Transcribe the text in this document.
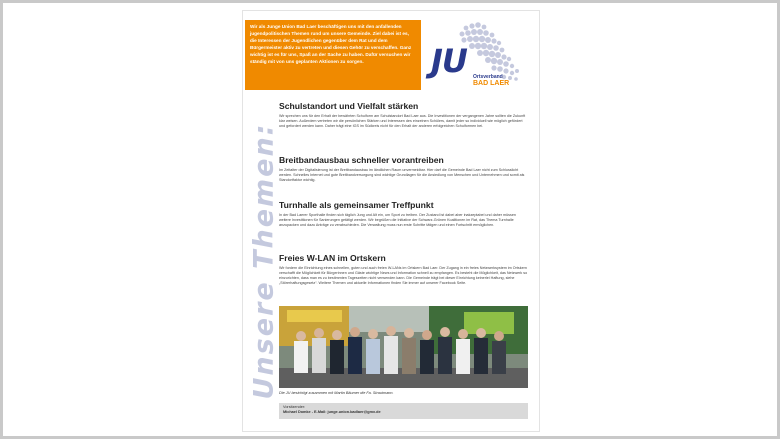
Wir als Junge Union Bad Laer beschäftigen uns mit den anfallenden jugendpolitischen Themen rund um unsere Gemeinde. Ziel dabei ist es, die Interessen der Jugendlichen gegenüber dem Rat und dem Bürgermeister aktiv zu vertreten und diesen Gehör zu verschaffen. Ganz wichtig ist es für uns, Spaß an der Sache zu haben. Dafür versuchen wir ständig mit von uns geplanten Aktionen zu sorgen.	JU Ortsverband
BAD LAER
Unsere Themen:
Schulstandort und Vielfalt stärken
Wir sprechen uns für den Erhalt der bewährten Schulform am Schulstandort Bad Laer aus. Die Investitionen der vergangenen Jahre sollten die Zukunft klar weisen. Außerdem vertreten wir die persönlichen Stärken und Interessen des einzelnen Schülers, damit jeder so individuell wie möglich gefördert und gefordert werden kann. Daher trägt eine IGS im Südkreis nicht für den Erhalt der anderen erfolgreichen Schulformen bei.
Breitbandausbau schneller vorantreiben
Im Zeitalter der Digitalisierung ist der Breitbandausbau im ländlichen Raum unvermeidbar. Hier darf die Gemeinde Bad Laer nicht zum Schlusslicht werden. Schnelles Internet und gute Breitbandversorgung sind wichtige Grundlagen für die Ansiedlung von Menschen und Unternehmen und somit als Standortfaktor wichtig.
Turnhalle als gemeinsamer Treffpunkt
In der Bad Laerer Sporthalle finden sich täglich Jung und Alt ein, um Sport zu treiben. Der Zustand ist dabei aber inakzeptabel und daher müssen weitere Investitionen für Sanierungen getätigt werden. Wir begrüßen die Initiative der Schwarz-Grünen Koalitionen im Rat, das Thema Turnhalle anzupacken und dazu Anträge zu verabschieden. Die Verwaltung muss nun erste Schritte tätigen und einen Fortschritt ermöglichen.
Freies W-LAN im Ortskern
Wir fordern die Einrichtung eines schnellen, guten und auch freien W-LANs im Ortskern Bad Laer. Der Zugang in ein freies Netzwerksystem im Ortskern verschafft die Möglichkeit für Bürgerinnen und Gäste wichtige News und Information schnell zu empfangen. Es besteht die Möglichkeit, das Netzwerk so einzurichten, dass man es zu bestimmten Tageszeiten nicht verwenden kann. Die Gemeinde trägt bei dieser Einrichtung keinerlei Haftung, siehe „Störerhaftungsgesetz“. Weitere Themen und aktuelle Informationen finden Sie immer auf unserer Facebook Seite.
Die JU besichtigt zusammen mit Martin Bäumer die Fa. Strautmann.
Vorsitzender:
Michael Domke - E-Mail: junge.union.badlaer@gmx.de
